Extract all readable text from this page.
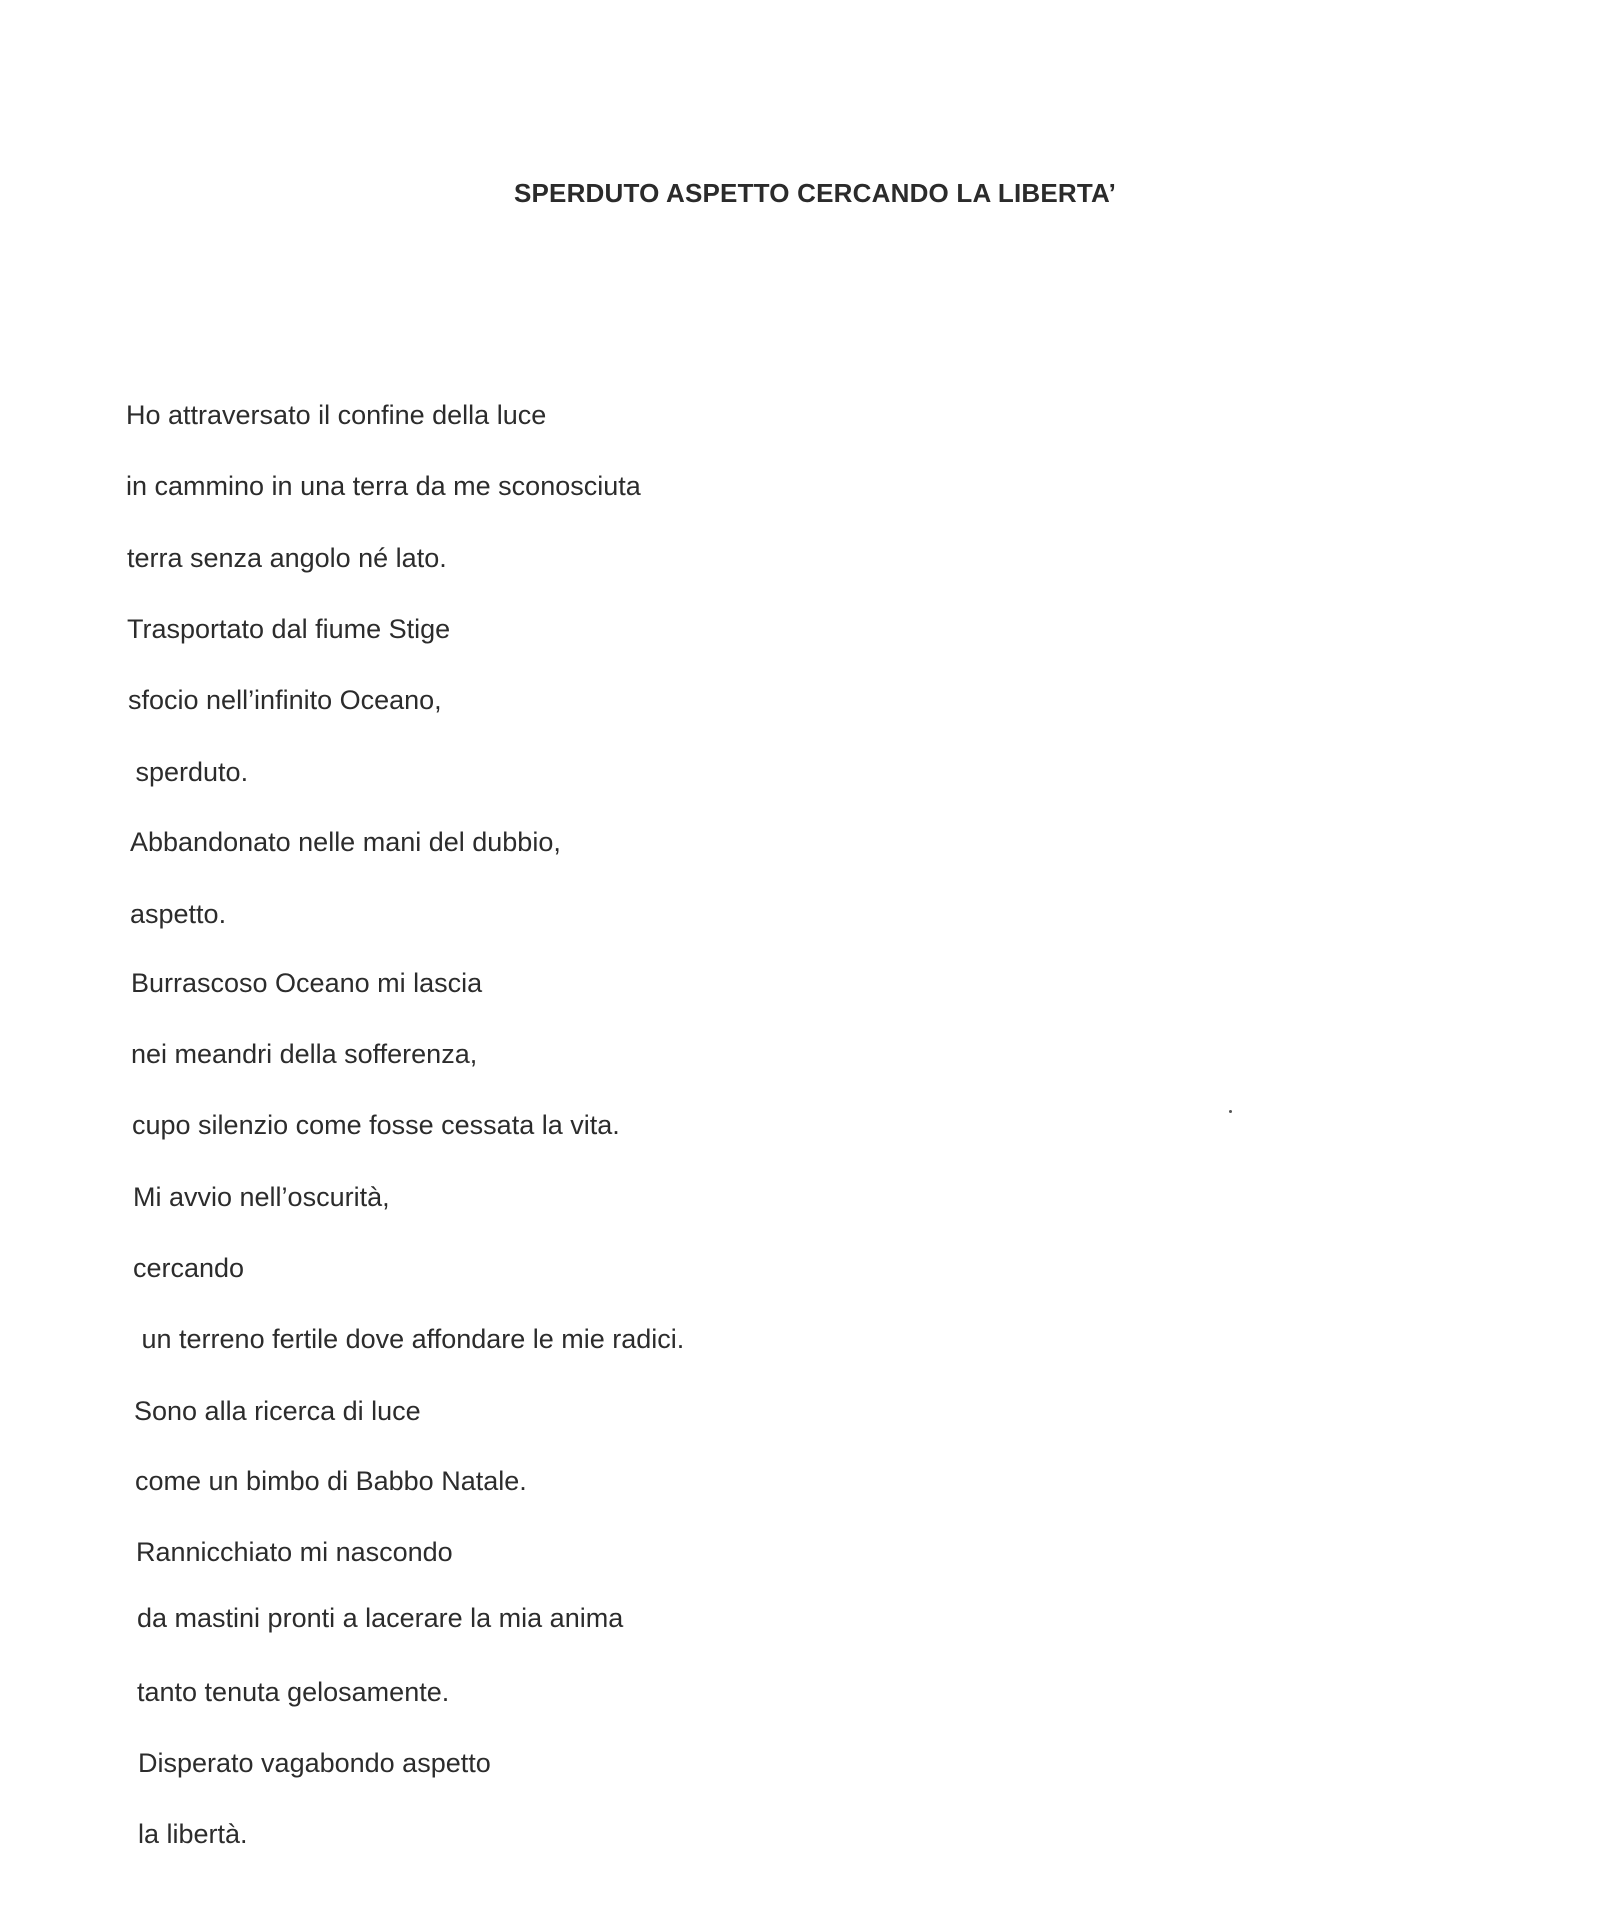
SPERDUTO ASPETTO CERCANDO LA LIBERTA’
Ho attraversato il confine della luce
in cammino in una terra da me sconosciuta
terra senza angolo né lato.
Trasportato dal fiume Stige
sfocio nell’infinito Oceano,
sperduto.
Abbandonato nelle mani del dubbio,
aspetto.
Burrascoso Oceano mi lascia
nei meandri della sofferenza,
cupo silenzio come fosse cessata la vita.
Mi avvio nell’oscurità,
cercando
un terreno fertile dove affondare le mie radici.
Sono alla ricerca di luce
come un bimbo di Babbo Natale.
Rannicchiato mi nascondo
da mastini pronti a lacerare la mia anima
tanto tenuta gelosamente.
Disperato vagabondo aspetto
la libertà.
